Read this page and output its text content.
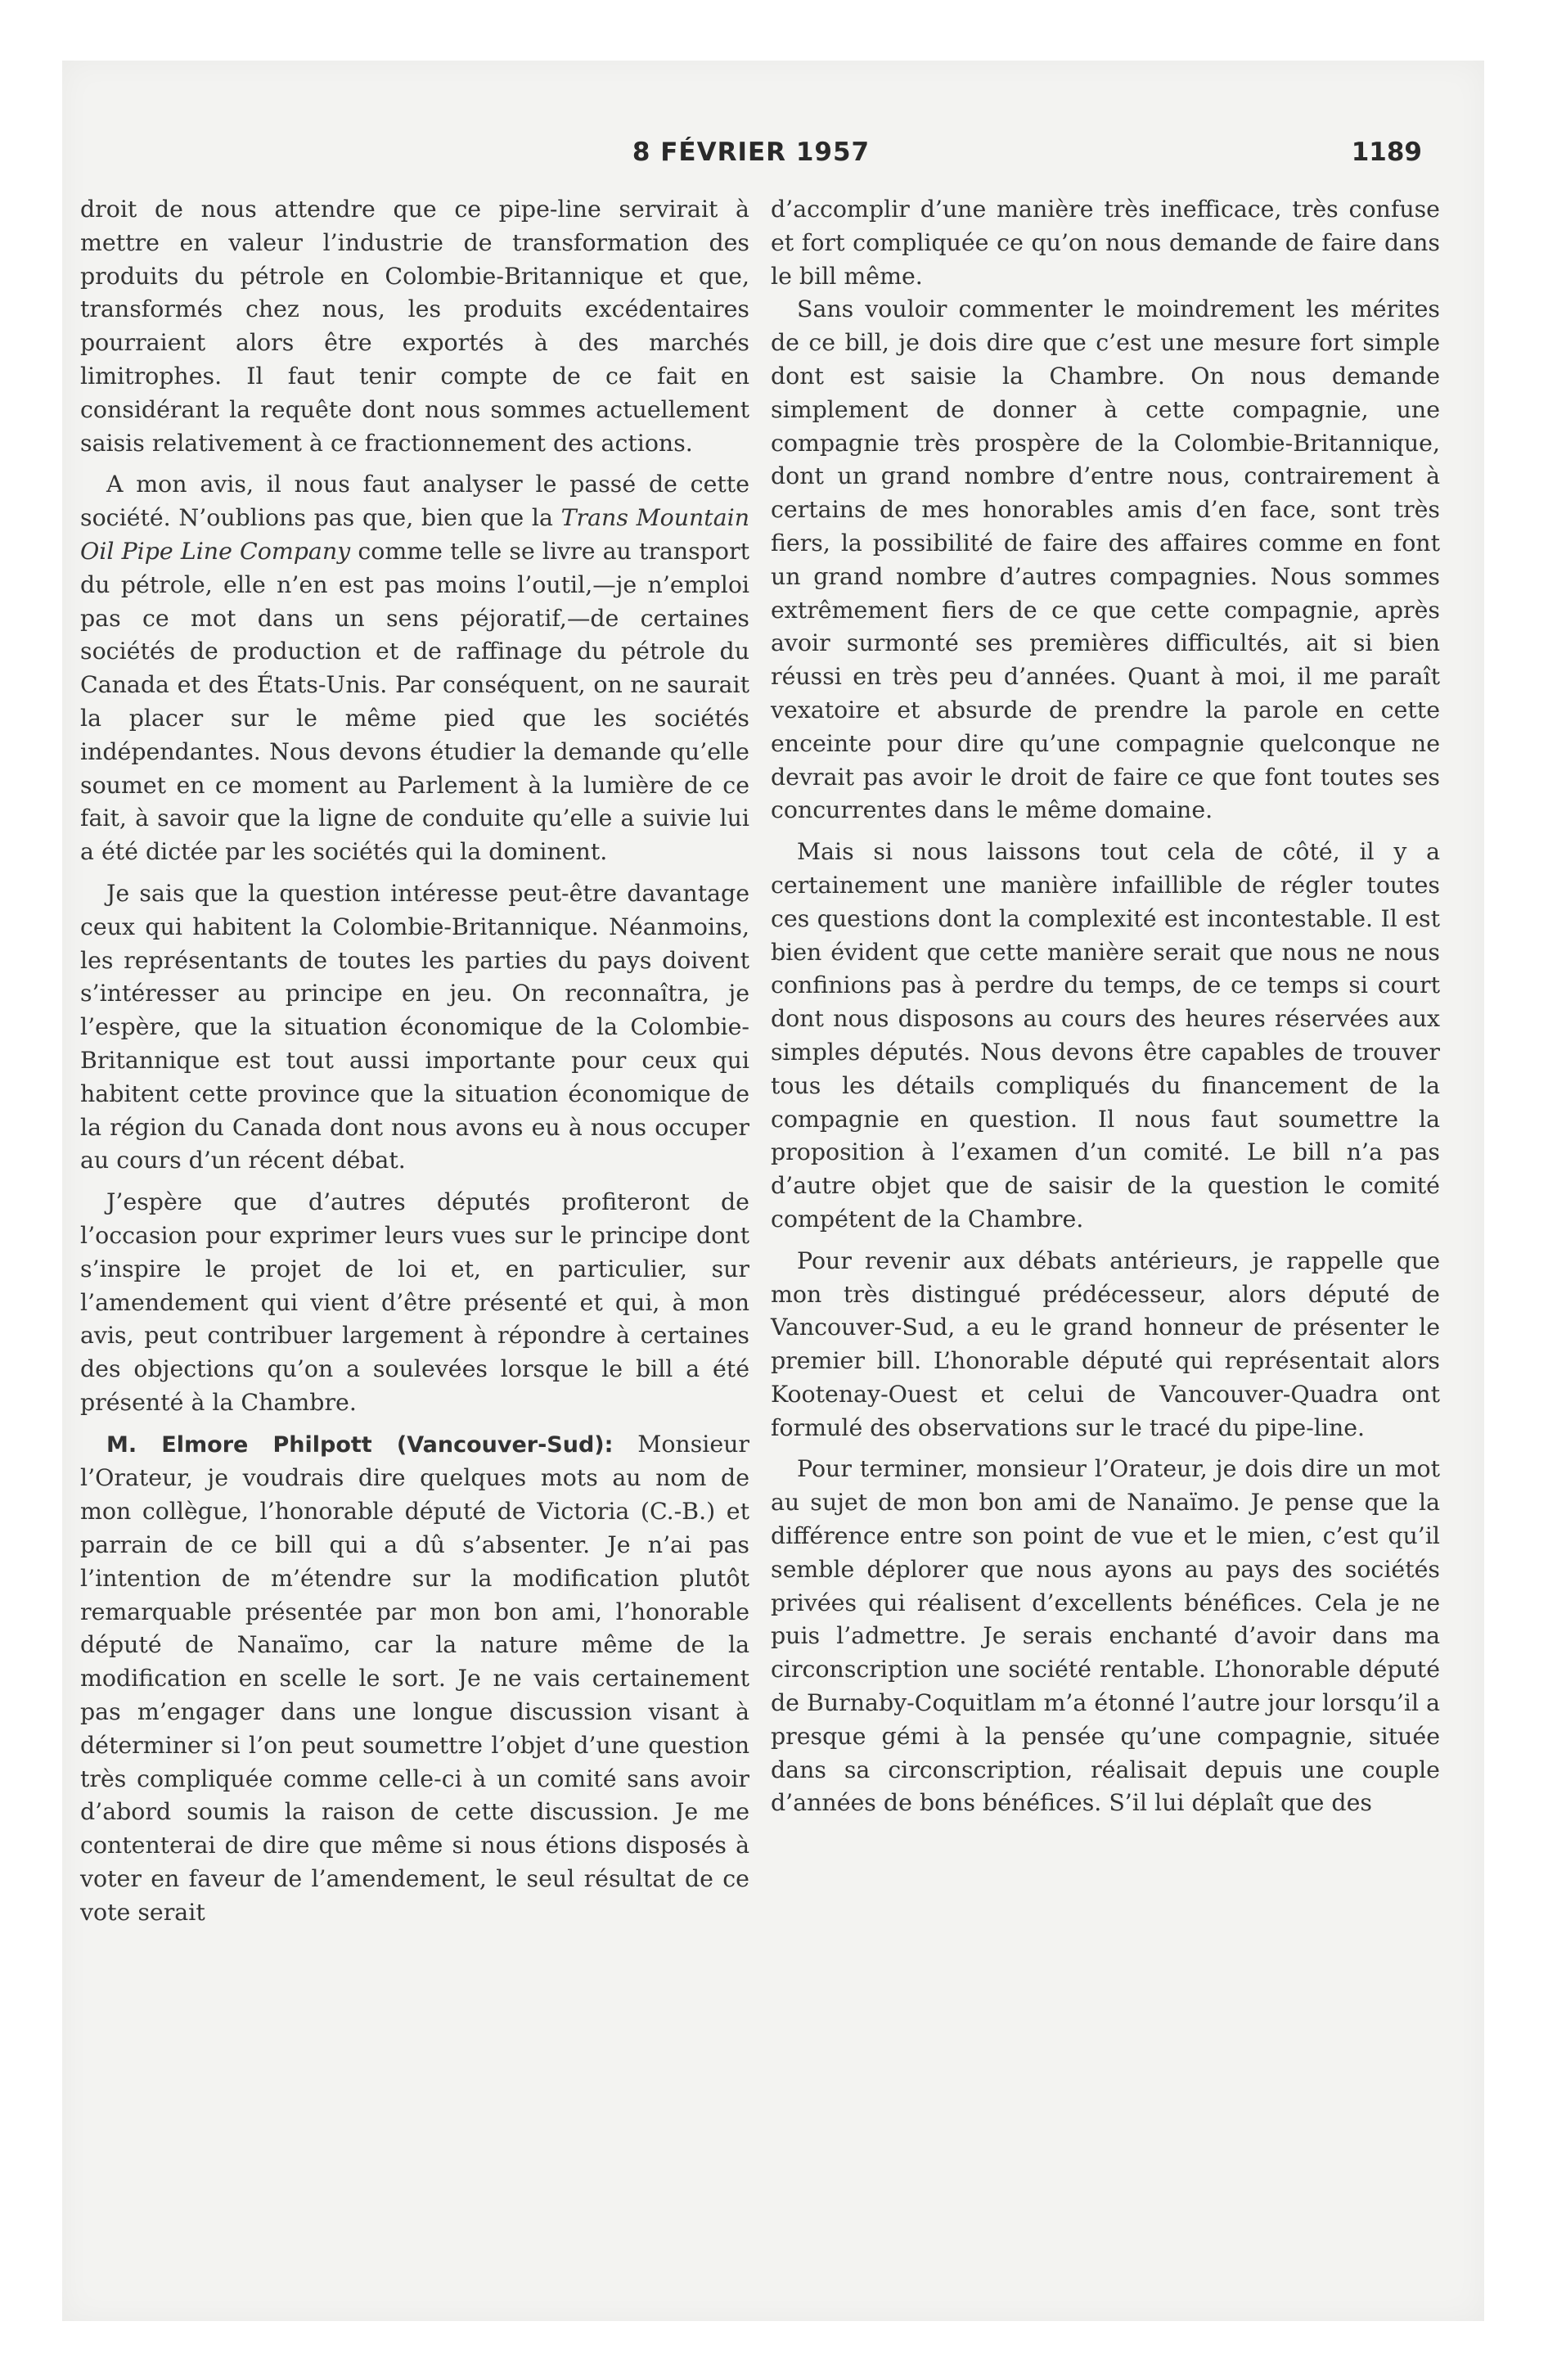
8 FÉVRIER 1957	1189

droit de nous attendre que ce pipe-line servirait à mettre en valeur l’industrie de transformation des produits du pétrole en Colombie-Britannique et que, transformés chez nous, les produits excédentaires pourraient alors être exportés à des marchés limitrophes. Il faut tenir compte de ce fait en considérant la requête dont nous sommes actuellement saisis relativement à ce fractionnement des actions.

A mon avis, il nous faut analyser le passé de cette société. N’oublions pas que, bien que la Trans Mountain Oil Pipe Line Company comme telle se livre au transport du pétrole, elle n’en est pas moins l’outil,—je n’emploi pas ce mot dans un sens péjoratif,—de certaines sociétés de production et de raffinage du pétrole du Canada et des États-Unis. Par conséquent, on ne saurait la placer sur le même pied que les sociétés indépendantes. Nous devons étudier la demande qu’elle soumet en ce moment au Parlement à la lumière de ce fait, à savoir que la ligne de conduite qu’elle a suivie lui a été dictée par les sociétés qui la dominent.

Je sais que la question intéresse peut-être davantage ceux qui habitent la Colombie-Britannique. Néanmoins, les représentants de toutes les parties du pays doivent s’intéresser au principe en jeu. On reconnaîtra, je l’espère, que la situation économique de la Colombie-Britannique est tout aussi importante pour ceux qui habitent cette province que la situation économique de la région du Canada dont nous avons eu à nous occuper au cours d’un récent débat.

J’espère que d’autres députés profiteront de l’occasion pour exprimer leurs vues sur le principe dont s’inspire le projet de loi et, en particulier, sur l’amendement qui vient d’être présenté et qui, à mon avis, peut contribuer largement à répondre à certaines des objections qu’on a soulevées lorsque le bill a été présenté à la Chambre.

M. Elmore Philpott (Vancouver-Sud): Monsieur l’Orateur, je voudrais dire quelques mots au nom de mon collègue, l’honorable député de Victoria (C.-B.) et parrain de ce bill qui a dû s’absenter. Je n’ai pas l’intention de m’étendre sur la modification plutôt remarquable présentée par mon bon ami, l’honorable député de Nanaïmo, car la nature même de la modification en scelle le sort. Je ne vais certainement pas m’engager dans une longue discussion visant à déterminer si l’on peut soumettre l’objet d’une question très compliquée comme celle-ci à un comité sans avoir d’abord soumis la raison de cette discussion. Je me contenterai de dire que même si nous étions disposés à voter en faveur de l’amendement, le seul résultat de ce vote serait

d’accomplir d’une manière très inefficace, très confuse et fort compliquée ce qu’on nous demande de faire dans le bill même.

Sans vouloir commenter le moindrement les mérites de ce bill, je dois dire que c’est une mesure fort simple dont est saisie la Chambre. On nous demande simplement de donner à cette compagnie, une compagnie très prospère de la Colombie-Britannique, dont un grand nombre d’entre nous, contrairement à certains de mes honorables amis d’en face, sont très fiers, la possibilité de faire des affaires comme en font un grand nombre d’autres compagnies. Nous sommes extrêmement fiers de ce que cette compagnie, après avoir surmonté ses premières difficultés, ait si bien réussi en très peu d’années. Quant à moi, il me paraît vexatoire et absurde de prendre la parole en cette enceinte pour dire qu’une compagnie quelconque ne devrait pas avoir le droit de faire ce que font toutes ses concurrentes dans le même domaine.

Mais si nous laissons tout cela de côté, il y a certainement une manière infaillible de régler toutes ces questions dont la complexité est incontestable. Il est bien évident que cette manière serait que nous ne nous confinions pas à perdre du temps, de ce temps si court dont nous disposons au cours des heures réservées aux simples députés. Nous devons être capables de trouver tous les détails compliqués du financement de la compagnie en question. Il nous faut soumettre la proposition à l’examen d’un comité. Le bill n’a pas d’autre objet que de saisir de la question le comité compétent de la Chambre.

Pour revenir aux débats antérieurs, je rappelle que mon très distingué prédécesseur, alors député de Vancouver-Sud, a eu le grand honneur de présenter le premier bill. L’honorable député qui représentait alors Kootenay-Ouest et celui de Vancouver-Quadra ont formulé des observations sur le tracé du pipe-line.

Pour terminer, monsieur l’Orateur, je dois dire un mot au sujet de mon bon ami de Nanaïmo. Je pense que la différence entre son point de vue et le mien, c’est qu’il semble déplorer que nous ayons au pays des sociétés privées qui réalisent d’excellents bénéfices. Cela je ne puis l’admettre. Je serais enchanté d’avoir dans ma circonscription une société rentable. L’honorable député de Burnaby-Coquitlam m’a étonné l’autre jour lorsqu’il a presque gémi à la pensée qu’une compagnie, située dans sa circonscription, réalisait depuis une couple d’années de bons bénéfices. S’il lui déplaît que des
